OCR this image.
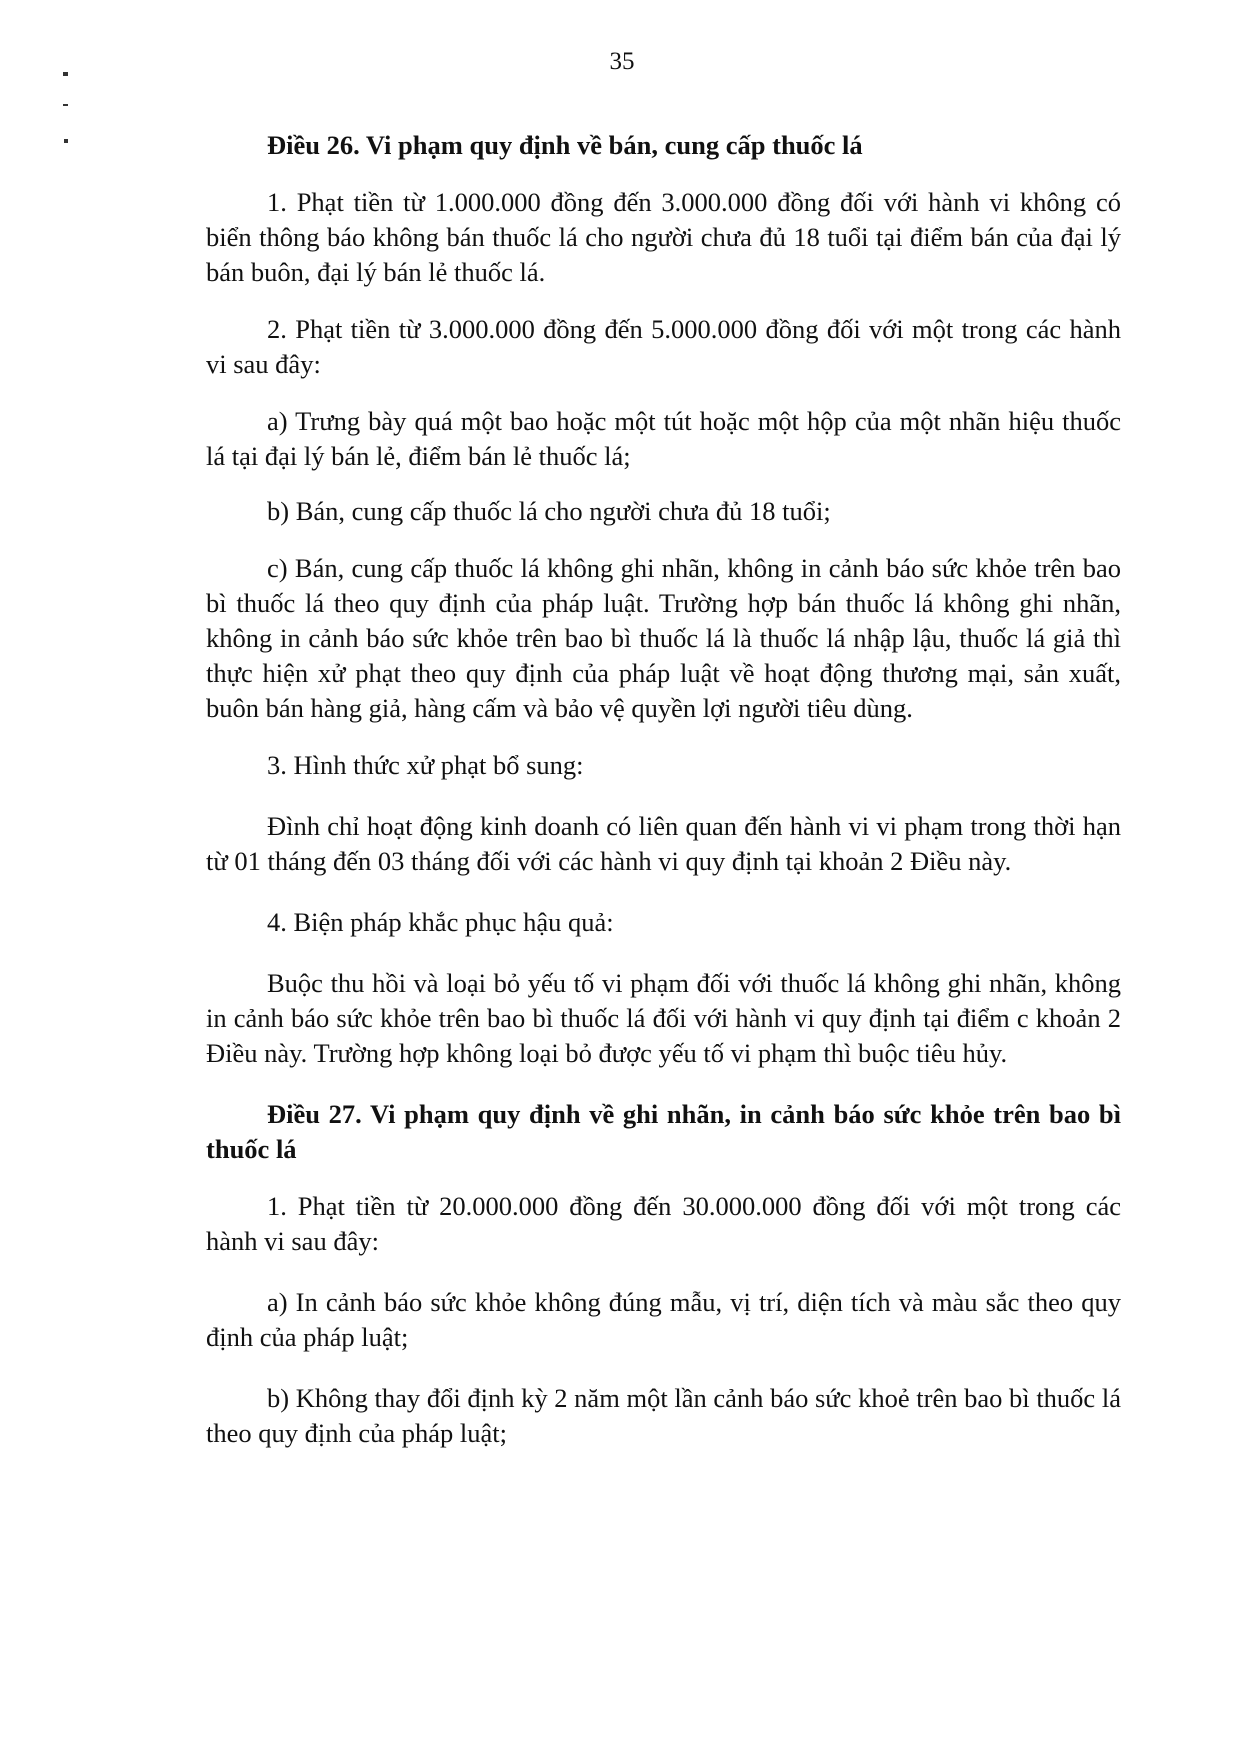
35

Điều 26. Vi phạm quy định về bán, cung cấp thuốc lá

1. Phạt tiền từ 1.000.000 đồng đến 3.000.000 đồng đối với hành vi không có biển thông báo không bán thuốc lá cho người chưa đủ 18 tuổi tại điểm bán của đại lý bán buôn, đại lý bán lẻ thuốc lá.

2. Phạt tiền từ 3.000.000 đồng đến 5.000.000 đồng đối với một trong các hành vi sau đây:

a) Trưng bày quá một bao hoặc một tút hoặc một hộp của một nhãn hiệu thuốc lá tại đại lý bán lẻ, điểm bán lẻ thuốc lá;

b) Bán, cung cấp thuốc lá cho người chưa đủ 18 tuổi;

c) Bán, cung cấp thuốc lá không ghi nhãn, không in cảnh báo sức khỏe trên bao bì thuốc lá theo quy định của pháp luật. Trường hợp bán thuốc lá không ghi nhãn, không in cảnh báo sức khỏe trên bao bì thuốc lá là thuốc lá nhập lậu, thuốc lá giả thì thực hiện xử phạt theo quy định của pháp luật về hoạt động thương mại, sản xuất, buôn bán hàng giả, hàng cấm và bảo vệ quyền lợi người tiêu dùng.

3. Hình thức xử phạt bổ sung:

Đình chỉ hoạt động kinh doanh có liên quan đến hành vi vi phạm trong thời hạn từ 01 tháng đến 03 tháng đối với các hành vi quy định tại khoản 2 Điều này.

4. Biện pháp khắc phục hậu quả:

Buộc thu hồi và loại bỏ yếu tố vi phạm đối với thuốc lá không ghi nhãn, không in cảnh báo sức khỏe trên bao bì thuốc lá đối với hành vi quy định tại điểm c khoản 2 Điều này. Trường hợp không loại bỏ được yếu tố vi phạm thì buộc tiêu hủy.

Điều 27. Vi phạm quy định về ghi nhãn, in cảnh báo sức khỏe trên bao bì thuốc lá

1. Phạt tiền từ 20.000.000 đồng đến 30.000.000 đồng đối với một trong các hành vi sau đây:

a) In cảnh báo sức khỏe không đúng mẫu, vị trí, diện tích và màu sắc theo quy định của pháp luật;

b) Không thay đổi định kỳ 2 năm một lần cảnh báo sức khoẻ trên bao bì thuốc lá theo quy định của pháp luật;
